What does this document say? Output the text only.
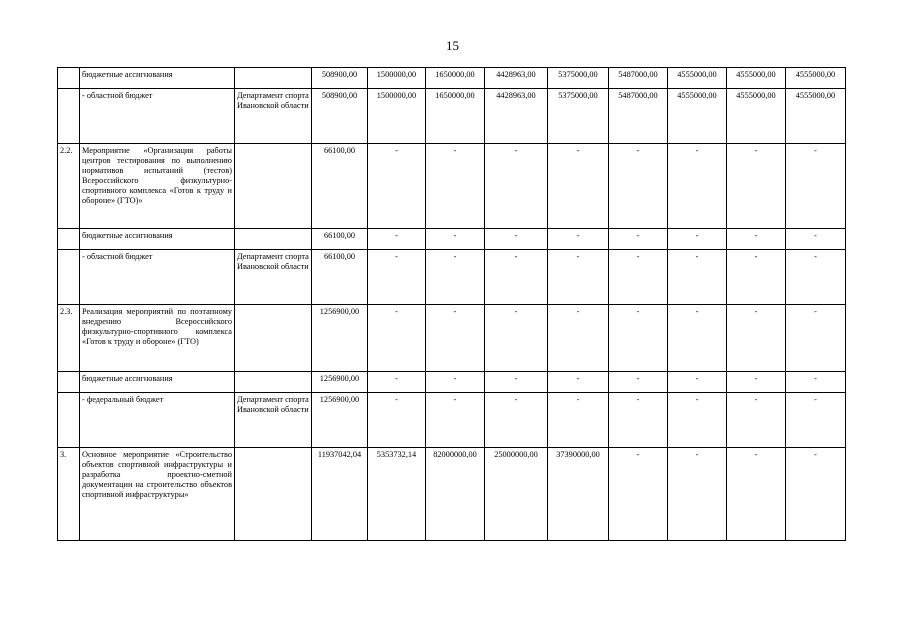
15
	бюджетные ассигнования		508900,00	1500000,00	1650000,00	4428963,00	5375000,00	5487000,00	4555000,00	4555000,00	4555000,00
	- областной бюджет	Департамент спорта Ивановской области	508900,00	1500000,00	1650000,00	4428963,00	5375000,00	5487000,00	4555000,00	4555000,00	4555000,00
2.2.	Мероприятие «Организация работы центров тестирования по выполнению нормативов испытаний (тестов) Всероссийского физкультурно-спортивного комплекса «Готов к труду и обороне» (ГТО)»		66100,00	-	-	-	-	-	-	-	-
	бюджетные ассигнования		66100,00	-	-	-	-	-	-	-	-
	- областной бюджет	Департамент спорта Ивановской области	66100,00	-	-	-	-	-	-	-	-
2.3.	Реализация мероприятий по поэтапному внедрению Всероссийского физкультурно-спортивного комплекса «Готов к труду и обороне» (ГТО)		1256900,00	-	-	-	-	-	-	-	-
	бюджетные ассигнования		1256900,00	-	-	-	-	-	-	-	-
	- федеральный бюджет	Департамент спорта Ивановской области	1256900,00	-	-	-	-	-	-	-	-
3.	Основное мероприятие «Строительство объектов спортивной инфраструктуры и разработка проектно-сметной документации на строительство объектов спортивной инфраструктуры»		11937042,04	5353732,14	82000000,00	25000000,00	37390000,00	-	-	-	-
